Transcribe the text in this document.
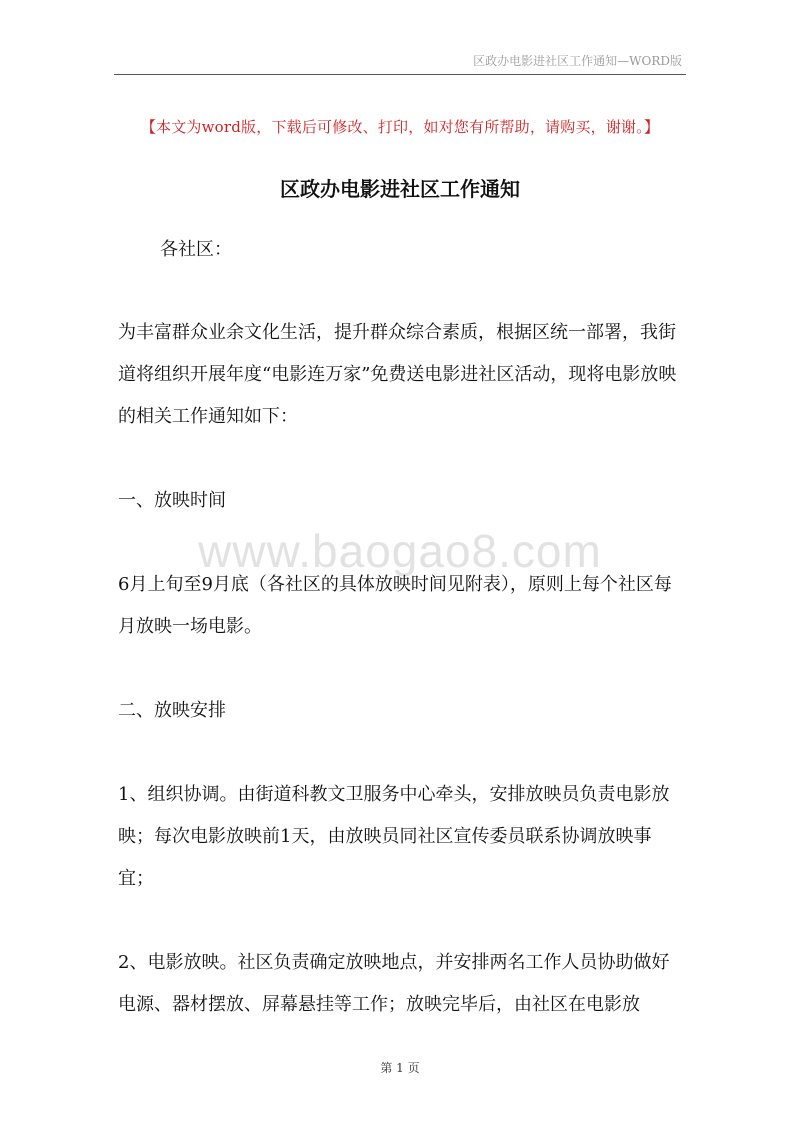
区政办电影进社区工作通知—WORD版
【本文为word版，下载后可修改、打印，如对您有所帮助，请购买，谢谢。】
区政办电影进社区工作通知
各社区：
为丰富群众业余文化生活，提升群众综合素质，根据区统一部署，我街道将组织开展年度“电影连万家”免费送电影进社区活动，现将电影放映的相关工作通知如下：
一、放映时间
www.baogao8.com
6月上旬至9月底（各社区的具体放映时间见附表），原则上每个社区每月放映一场电影。
二、放映安排
1、组织协调。由街道科教文卫服务中心牵头，安排放映员负责电影放映；每次电影放映前1天，由放映员同社区宣传委员联系协调放映事宜；
2、电影放映。社区负责确定放映地点，并安排两名工作人员协助做好电源、器材摆放、屏幕悬挂等工作；放映完毕后，由社区在电影放
第 1 页
